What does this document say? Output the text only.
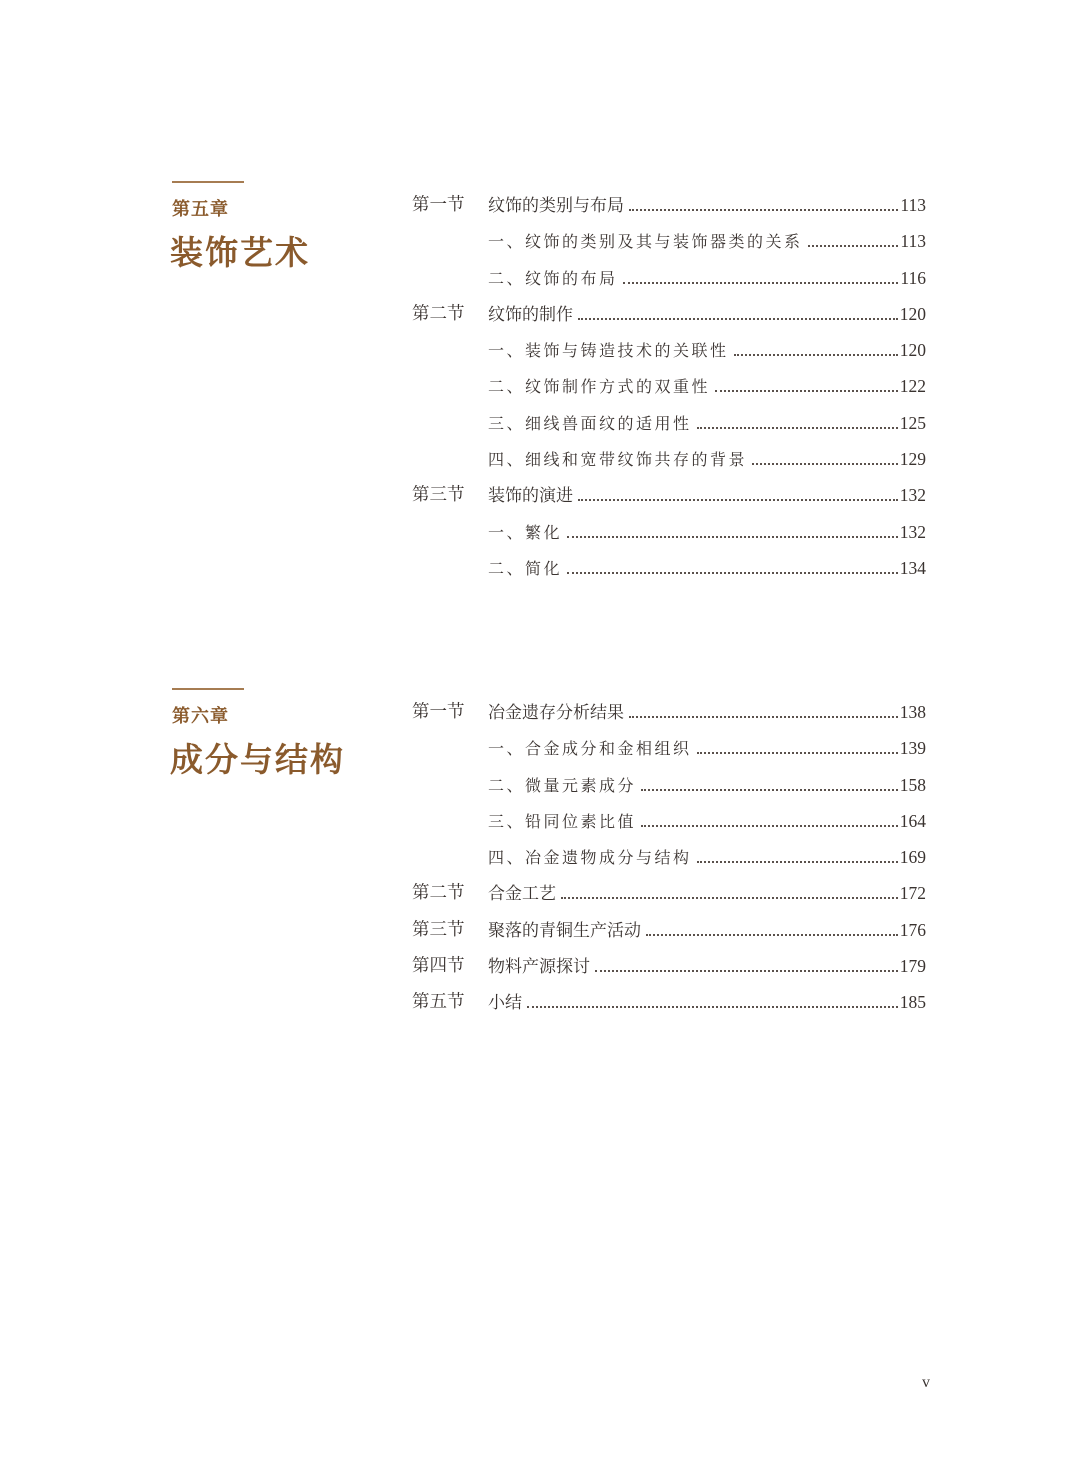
第五章
装饰艺术
第一节 纹饰的类别与布局	113
一、纹饰的类别及其与装饰器类的关系	113
二、纹饰的布局	116
第二节 纹饰的制作	120
一、装饰与铸造技术的关联性	120
二、纹饰制作方式的双重性	122
三、细线兽面纹的适用性	125
四、细线和宽带纹饰共存的背景	129
第三节 装饰的演进	132
一、繁化	132
二、简化	134
第六章
成分与结构
第一节 冶金遗存分析结果	138
一、合金成分和金相组织	139
二、微量元素成分	158
三、铅同位素比值	164
四、冶金遗物成分与结构	169
第二节 合金工艺	172
第三节 聚落的青铜生产活动	176
第四节 物料产源探讨	179
第五节 小结	185
v
